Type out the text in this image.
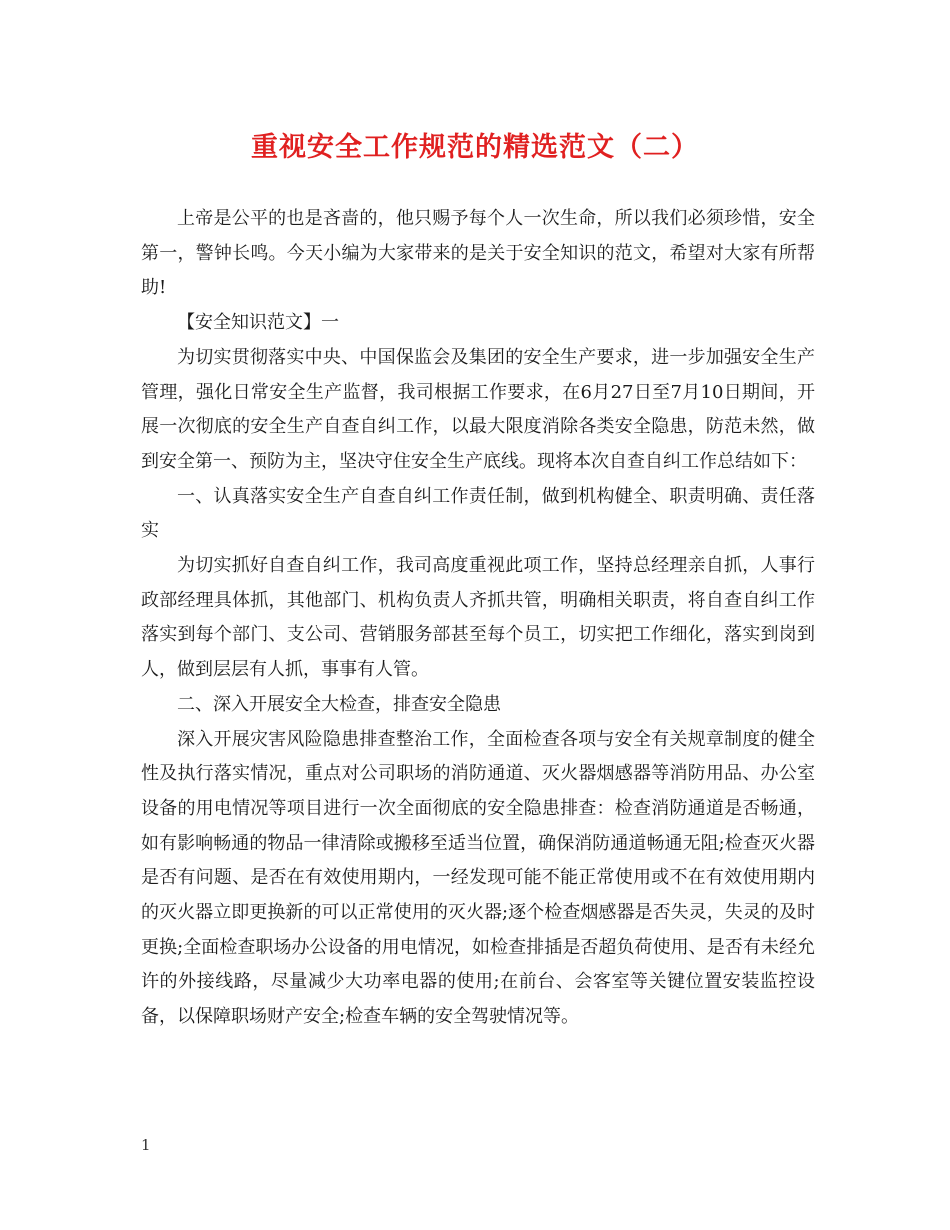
重视安全工作规范的精选范文（二）

上帝是公平的也是吝啬的，他只赐予每个人一次生命，所以我们必须珍惜，安全第一，警钟长鸣。今天小编为大家带来的是关于安全知识的范文，希望对大家有所帮助!

【安全知识范文】一

为切实贯彻落实中央、中国保监会及集团的安全生产要求，进一步加强安全生产管理，强化日常安全生产监督，我司根据工作要求，在6月27日至7月10日期间，开展一次彻底的安全生产自查自纠工作，以最大限度消除各类安全隐患，防范未然，做到安全第一、预防为主，坚决守住安全生产底线。现将本次自查自纠工作总结如下：

一、认真落实安全生产自查自纠工作责任制，做到机构健全、职责明确、责任落实

为切实抓好自查自纠工作，我司高度重视此项工作，坚持总经理亲自抓，人事行政部经理具体抓，其他部门、机构负责人齐抓共管，明确相关职责，将自查自纠工作落实到每个部门、支公司、营销服务部甚至每个员工，切实把工作细化，落实到岗到人，做到层层有人抓，事事有人管。

二、深入开展安全大检查，排查安全隐患

深入开展灾害风险隐患排查整治工作，全面检查各项与安全有关规章制度的健全性及执行落实情况，重点对公司职场的消防通道、灭火器烟感器等消防用品、办公室设备的用电情况等项目进行一次全面彻底的安全隐患排查：检查消防通道是否畅通，如有影响畅通的物品一律清除或搬移至适当位置，确保消防通道畅通无阻;检查灭火器是否有问题、是否在有效使用期内，一经发现可能不能正常使用或不在有效使用期内的灭火器立即更换新的可以正常使用的灭火器;逐个检查烟感器是否失灵，失灵的及时更换;全面检查职场办公设备的用电情况，如检查排插是否超负荷使用、是否有未经允许的外接线路，尽量减少大功率电器的使用;在前台、会客室等关键位置安装监控设备，以保障职场财产安全;检查车辆的安全驾驶情况等。

1
